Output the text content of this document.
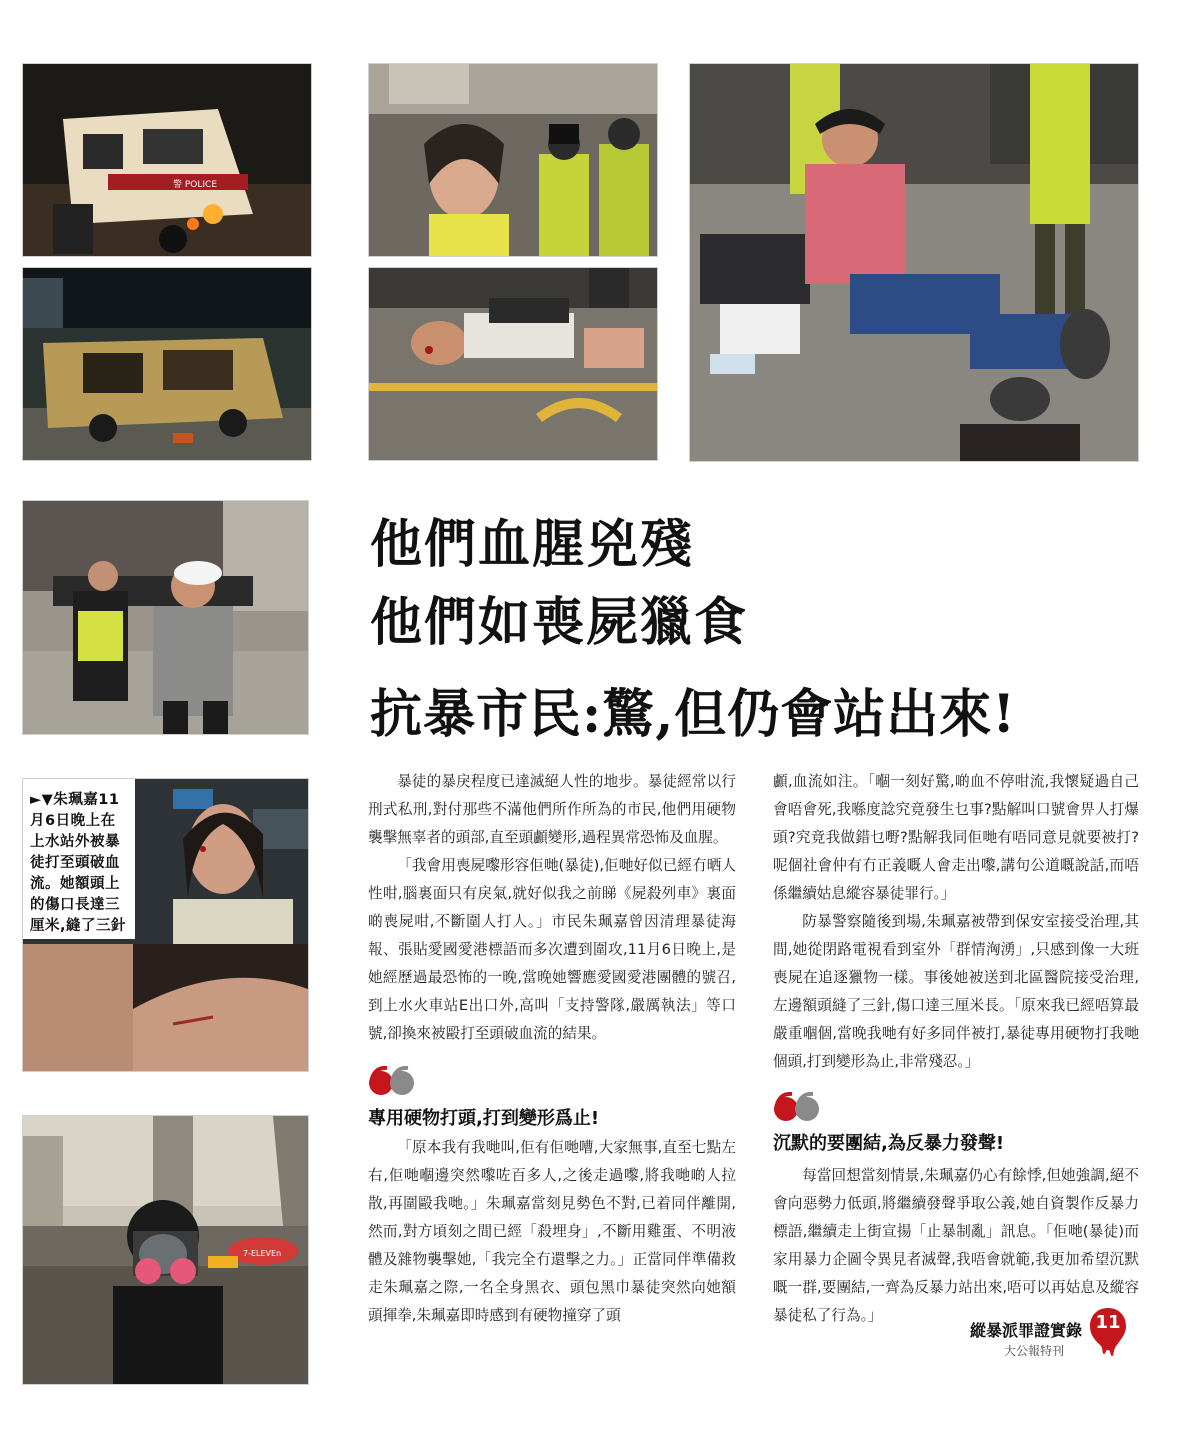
警 POLICE
►▼朱珮嘉11月6日晚上在上水站外被暴徒打至頭破血流。她額頭上的傷口長達三厘米,縫了三針
7-ELEVEn
他們血腥兇殘
他們如喪屍獵食
抗暴市民:驚,但仍會站出來!

暴徒的暴戾程度已達滅絕人性的地步。暴徒經常以行刑式私刑,對付那些不滿他們所作所為的市民,他們用硬物襲擊無辜者的頭部,直至頭顱變形,過程異常恐怖及血腥。

「我會用喪屍嚟形容佢哋(暴徒),佢哋好似已經冇晒人性咁,腦裏面只有戾氣,就好似我之前睇《屍殺列車》裏面啲喪屍咁,不斷圍人打人。」市民朱珮嘉曾因清理暴徒海報、張貼愛國愛港標語而多次遭到圍攻,11月6日晚上,是她經歷過最恐怖的一晚,當晚她響應愛國愛港團體的號召,到上水火車站E出口外,高叫「支持警隊,嚴厲執法」等口號,卻換來被毆打至頭破血流的結果。

專用硬物打頭,打到變形爲止!

「原本我有我哋叫,佢有佢哋嘈,大家無事,直至七點左右,佢哋嗰邊突然嚟咗百多人,之後走過嚟,將我哋啲人拉散,再圍毆我哋。」朱珮嘉當刻見勢色不對,已着同伴離開,然而,對方頃刻之間已經「殺埋身」,不斷用雞蛋、不明液體及雜物襲擊她,「我完全冇還擊之力。」正當同伴準備救走朱珮嘉之際,一名全身黑衣、頭包黑巾暴徒突然向她額頭揮拳,朱珮嘉即時感到有硬物撞穿了頭

顱,血流如注。「嗰一刻好驚,啲血不停咁流,我懷疑過自己會唔會死,我喺度諗究竟發生乜事?點解叫口號會畀人打爆頭?究竟我做錯乜嘢?點解我同佢哋有唔同意見就要被打?呢個社會仲有冇正義嘅人會走出嚟,講句公道嘅說話,而唔係繼續姑息縱容暴徒罪行。」

防暴警察隨後到場,朱珮嘉被帶到保安室接受治理,其間,她從閉路電視看到室外「群情洶湧」,只感到像一大班喪屍在追逐獵物一樣。事後她被送到北區醫院接受治理,左邊額頭縫了三針,傷口達三厘米長。「原來我已經唔算最嚴重嗰個,當晚我哋有好多同伴被打,暴徒專用硬物打我哋個頭,打到變形為止,非常殘忍。」

沉默的要團結,為反暴力發聲!

每當回想當刻情景,朱珮嘉仍心有餘悸,但她強調,絕不會向惡勢力低頭,將繼續發聲爭取公義,她自資製作反暴力標語,繼續走上街宣揚「止暴制亂」訊息。「佢哋(暴徒)而家用暴力企圖令異見者滅聲,我唔會就範,我更加希望沉默嘅一群,要團結,一齊為反暴力站出來,唔可以再姑息及縱容暴徒私了行為。」

縱暴派罪證實錄
大公報特刊
11
